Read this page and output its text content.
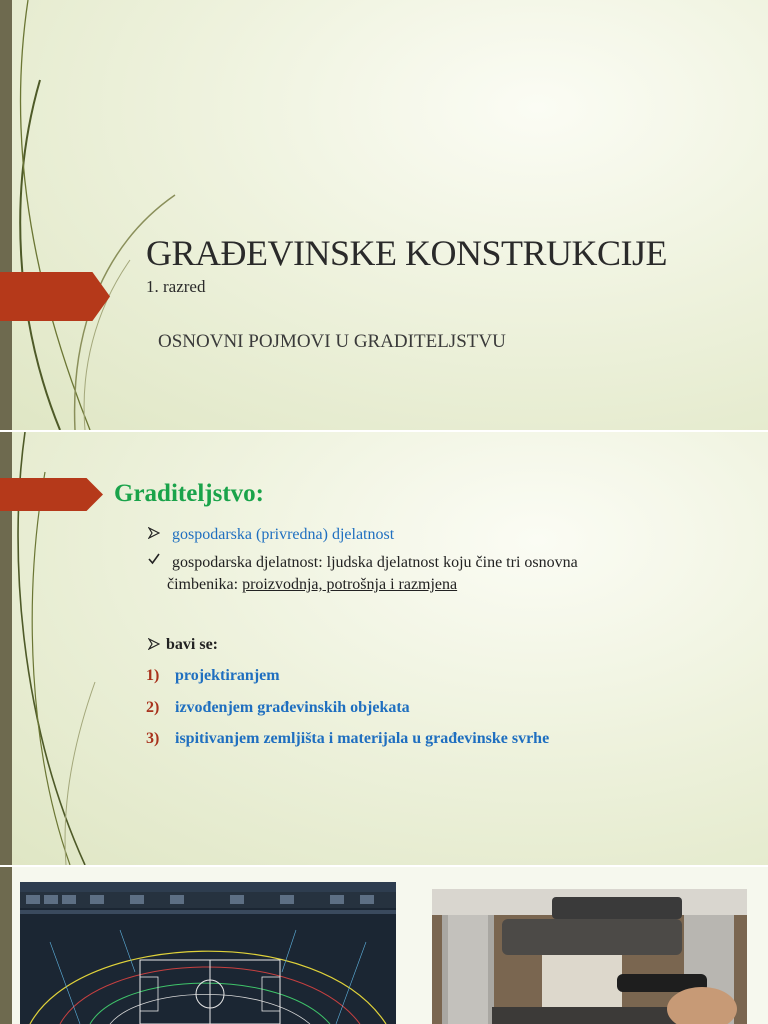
GRAĐEVINSKE KONSTRUKCIJE
1. razred
OSNOVNI POJMOVI U GRADITELJSTVU
Graditeljstvo:
gospodarska (privredna) djelatnost
gospodarska djelatnost: ljudska djelatnost koju čine tri osnovna
čimbenika: proizvodnja, potrošnja i razmjena
bavi se:
1) projektiranjem
2) izvođenjem građevinskih objekata
3) ispitivanjem zemljišta i materijala u građevinske svrhe
